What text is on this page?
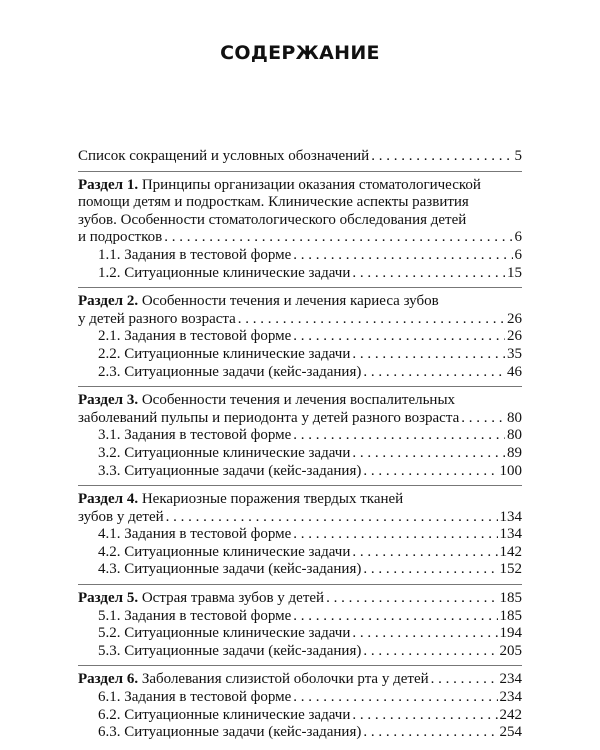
СОДЕРЖАНИЕ
Список сокращений и условных обозначений . . .	5
Раздел 1. Принципы организации оказания стоматологической
помощи детям и подросткам. Клинические аспекты развития
зубов. Особенности стоматологического обследования детей
и подростков . . .	6
1.1. Задания в тестовой форме . . .	6
1.2. Ситуационные клинические задачи . . .	15
Раздел 2. Особенности течения и лечения кариеса зубов
у детей разного возраста . . .	26
2.1. Задания в тестовой форме . . .	26
2.2. Ситуационные клинические задачи . . .	35
2.3. Ситуационные задачи (кейс-задания) . . .	46
Раздел 3. Особенности течения и лечения воспалительных
заболеваний пульпы и периодонта у детей разного возраста . . .	80
3.1. Задания в тестовой форме . . .	80
3.2. Ситуационные клинические задачи . . .	89
3.3. Ситуационные задачи (кейс-задания) . . .	100
Раздел 4. Некариозные поражения твердых тканей
зубов у детей . . .	134
4.1. Задания в тестовой форме . . .	134
4.2. Ситуационные клинические задачи . . .	142
4.3. Ситуационные задачи (кейс-задания) . . .	152
Раздел 5. Острая травма зубов у детей . . .	185
5.1. Задания в тестовой форме . . .	185
5.2. Ситуационные клинические задачи . . .	194
5.3. Ситуационные задачи (кейс-задания) . . .	205
Раздел 6. Заболевания слизистой оболочки рта у детей . . .	234
6.1. Задания в тестовой форме . . .	234
6.2. Ситуационные клинические задачи . . .	242
6.3. Ситуационные задачи (кейс-задания) . . .	254
